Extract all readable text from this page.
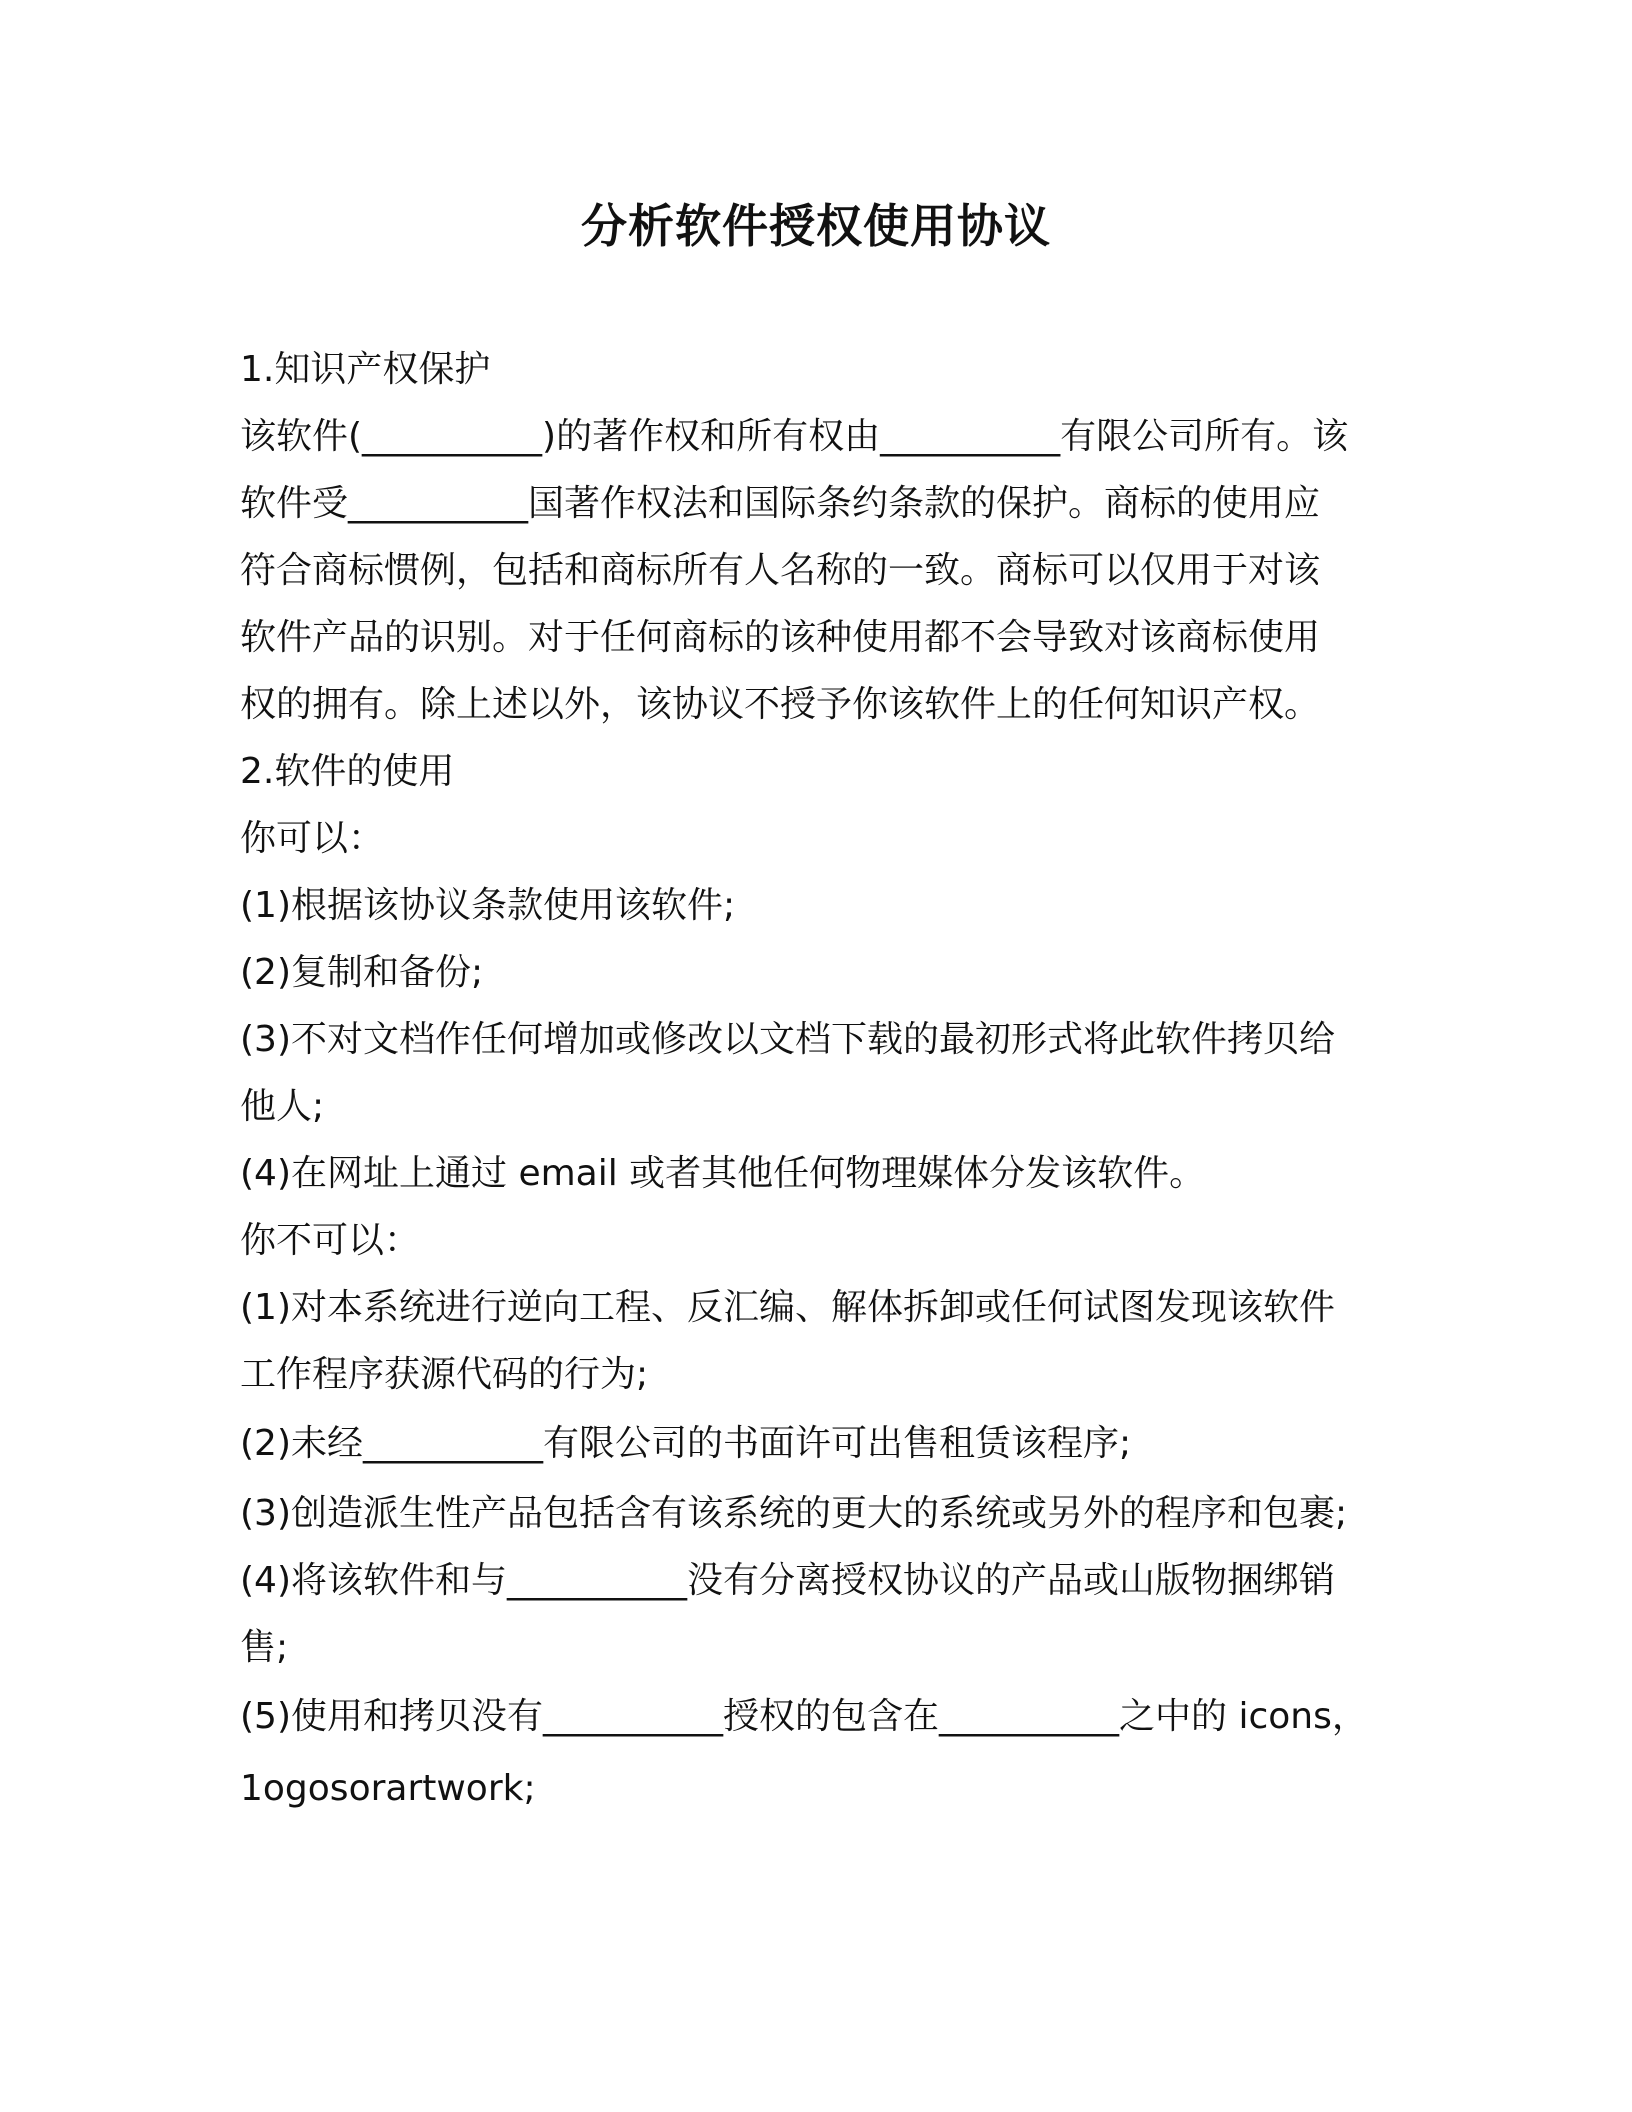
分析软件授权使用协议
1.知识产权保护
该软件(__________)的著作权和所有权由__________有限公司所有。该
软件受__________国著作权法和国际条约条款的保护。商标的使用应
符合商标惯例，包括和商标所有人名称的一致。商标可以仅用于对该
软件产品的识别。对于任何商标的该种使用都不会导致对该商标使用
权的拥有。除上述以外，该协议不授予你该软件上的任何知识产权。
2.软件的使用
你可以：
(1)根据该协议条款使用该软件;
(2)复制和备份;
(3)不对文档作任何增加或修改以文档下载的最初形式将此软件拷贝给
他人;
(4)在网址上通过 email 或者其他任何物理媒体分发该软件。
你不可以：
(1)对本系统进行逆向工程、反汇编、解体拆卸或任何试图发现该软件
工作程序获源代码的行为;
(2)未经__________有限公司的书面许可出售租赁该程序;
(3)创造派生性产品包括含有该系统的更大的系统或另外的程序和包裹;
(4)将该软件和与__________没有分离授权协议的产品或山版物捆绑销
售;
(5)使用和拷贝没有__________授权的包含在__________之中的 icons，
1ogosorartwork;
